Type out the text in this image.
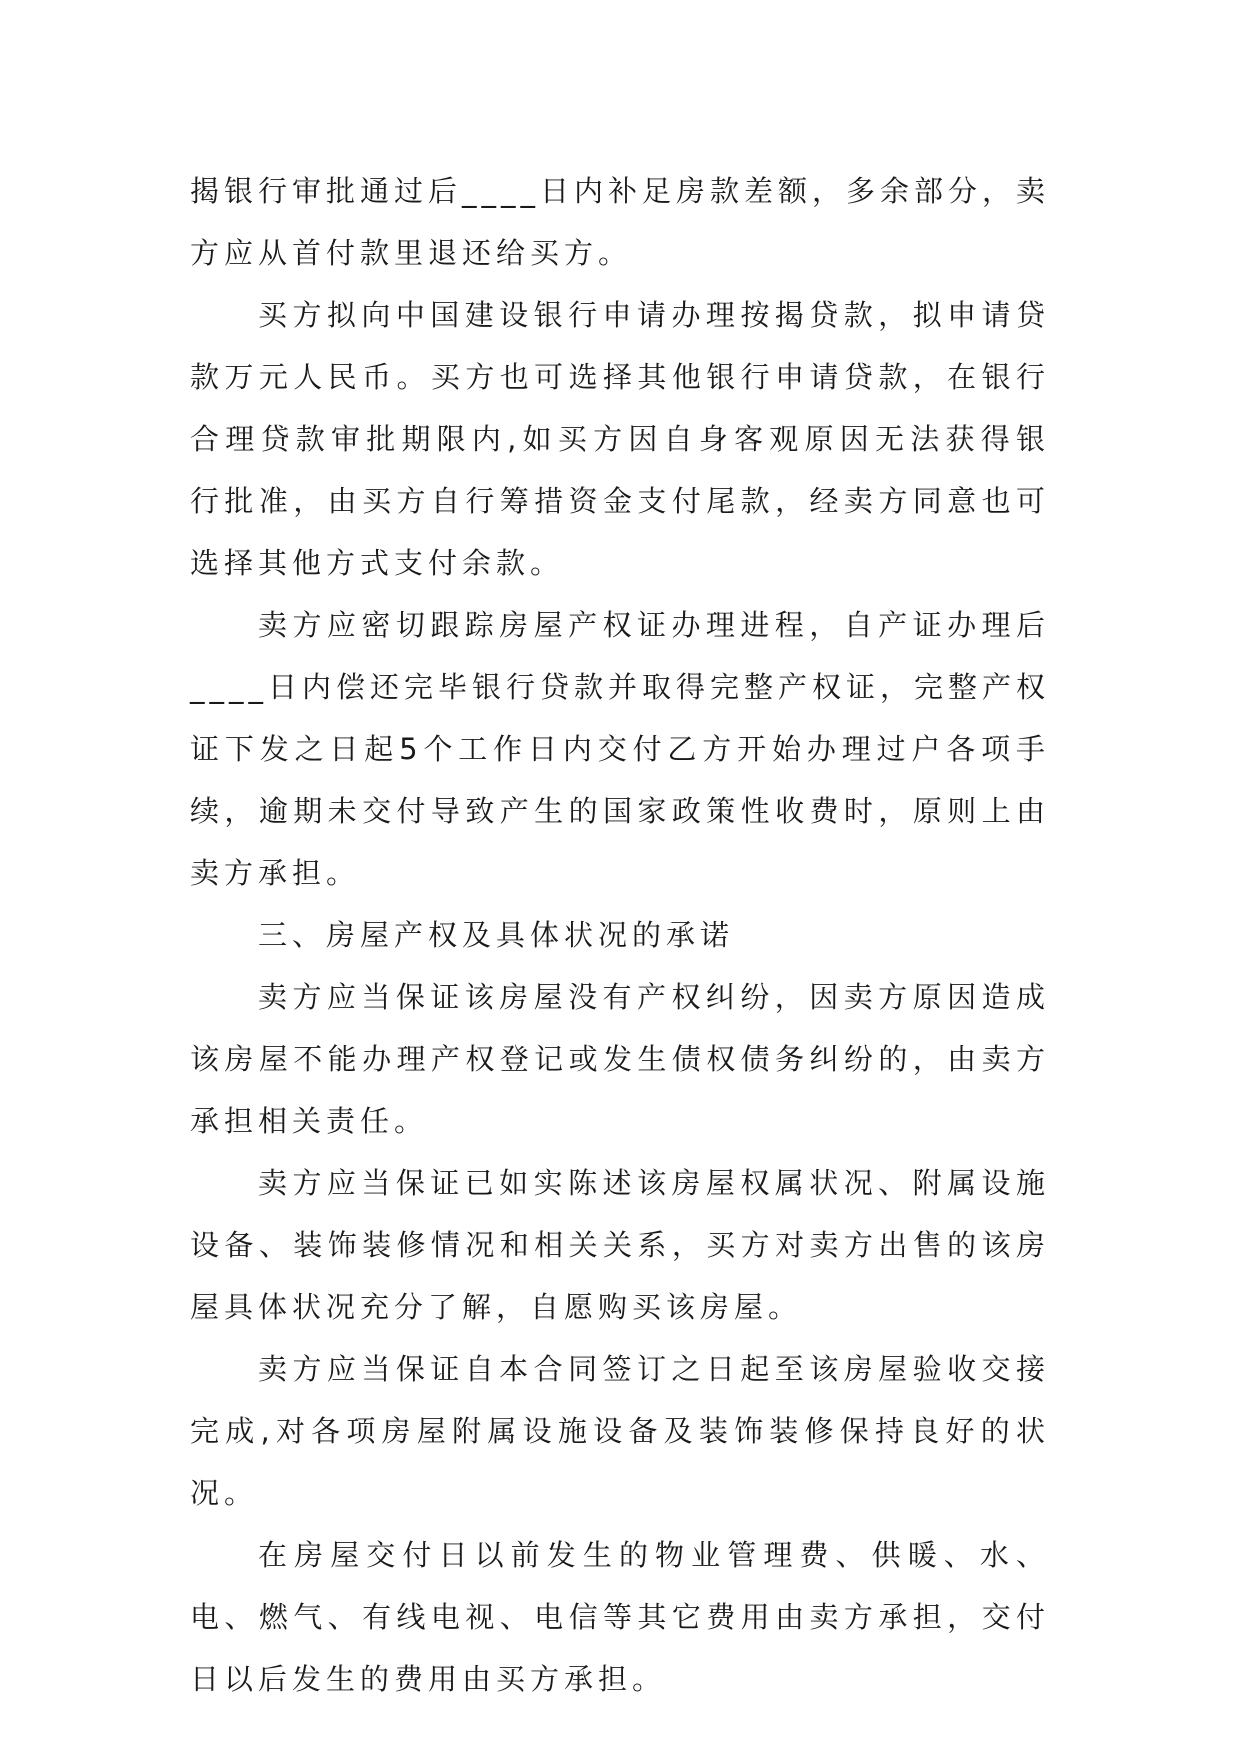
揭银行审批通过后____日内补足房款差额，多余部分，卖方应从首付款里退还给买方。

买方拟向中国建设银行申请办理按揭贷款，拟申请贷款万元人民币。买方也可选择其他银行申请贷款，在银行合理贷款审批期限内,如买方因自身客观原因无法获得银行批准，由买方自行筹措资金支付尾款，经卖方同意也可选择其他方式支付余款。

卖方应密切跟踪房屋产权证办理进程，自产证办理后____日内偿还完毕银行贷款并取得完整产权证，完整产权证下发之日起5个工作日内交付乙方开始办理过户各项手续，逾期未交付导致产生的国家政策性收费时，原则上由卖方承担。

三、房屋产权及具体状况的承诺

卖方应当保证该房屋没有产权纠纷，因卖方原因造成该房屋不能办理产权登记或发生债权债务纠纷的，由卖方承担相关责任。

卖方应当保证已如实陈述该房屋权属状况、附属设施设备、装饰装修情况和相关关系，买方对卖方出售的该房屋具体状况充分了解，自愿购买该房屋。

卖方应当保证自本合同签订之日起至该房屋验收交接完成,对各项房屋附属设施设备及装饰装修保持良好的状况。

在房屋交付日以前发生的物业管理费、供暖、水、电、燃气、有线电视、电信等其它费用由卖方承担，交付日以后发生的费用由买方承担。
